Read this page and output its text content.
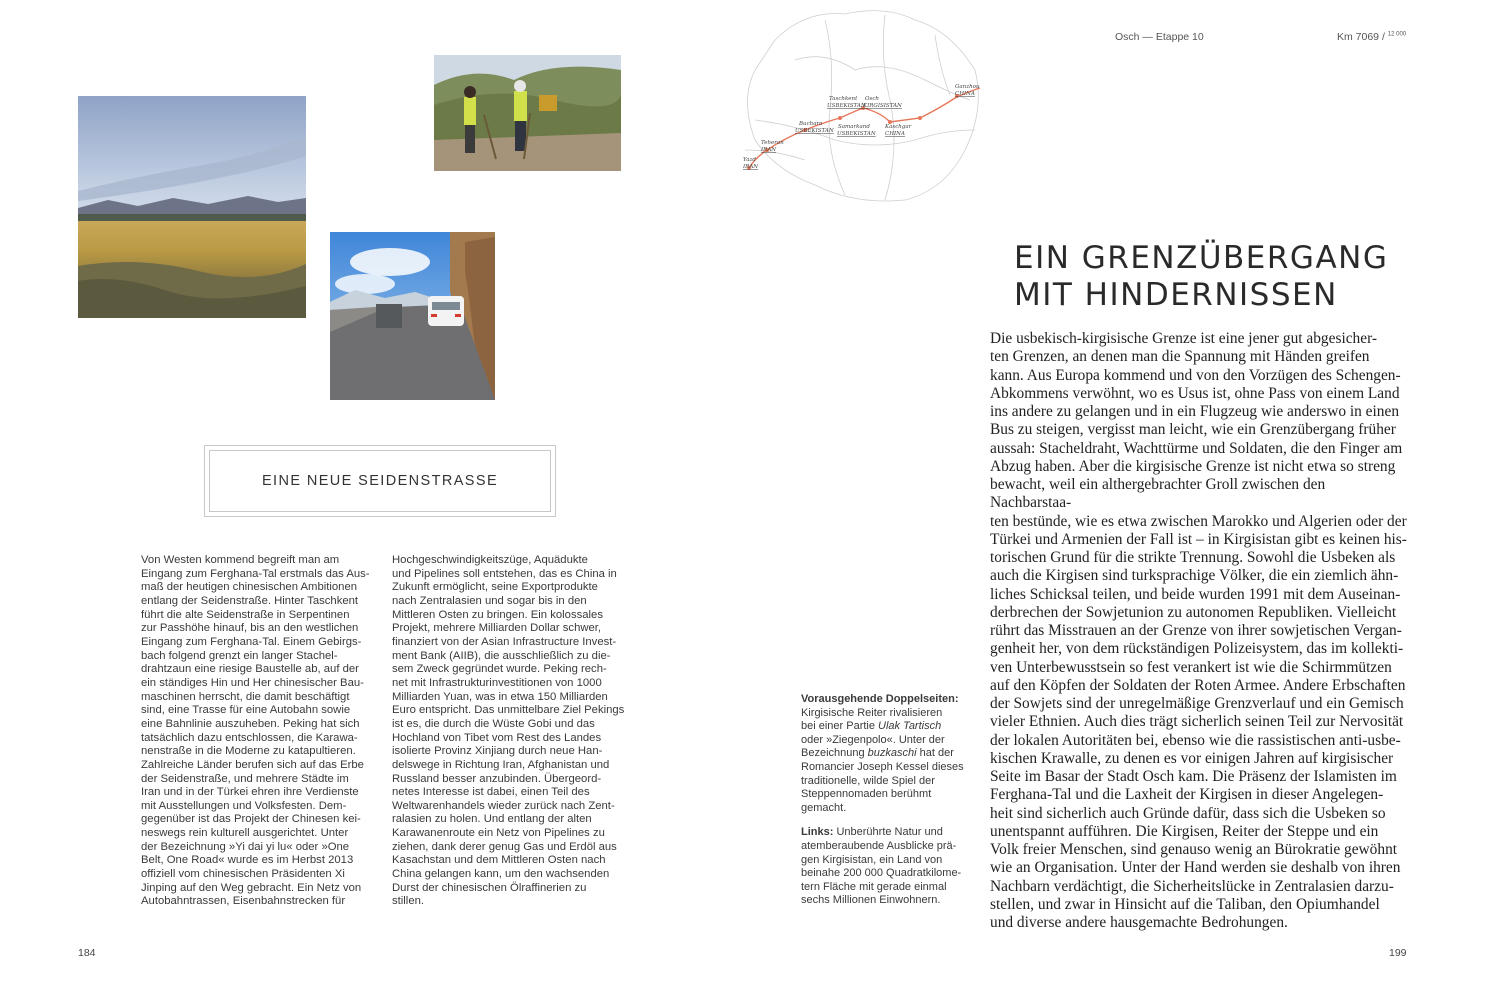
EINE NEUE SEIDENSTRASSE
Von Westen kommend begreift man am
Eingang zum Ferghana-Tal erstmals das Aus-
maß der heutigen chinesischen Ambitionen
entlang der Seidenstraße. Hinter Taschkent
führt die alte Seidenstraße in Serpentinen
zur Passhöhe hinauf, bis an den westlichen
Eingang zum Ferghana-Tal. Einem Gebirgs-
bach folgend grenzt ein langer Stachel-
drahtzaun eine riesige Baustelle ab, auf der
ein ständiges Hin und Her chinesischer Bau-
maschinen herrscht, die damit beschäftigt
sind, eine Trasse für eine Autobahn sowie
eine Bahnlinie auszuheben. Peking hat sich
tatsächlich dazu entschlossen, die Karawa-
nenstraße in die Moderne zu katapultieren.
Zahlreiche Länder berufen sich auf das Erbe
der Seidenstraße, und mehrere Städte im
Iran und in der Türkei ehren ihre Verdienste
mit Ausstellungen und Volksfesten. Dem-
gegenüber ist das Projekt der Chinesen kei-
neswegs rein kulturell ausgerichtet. Unter
der Bezeichnung »Yi dai yi lu« oder »One
Belt, One Road« wurde es im Herbst 2013
offiziell vom chinesischen Präsidenten Xi
Jinping auf den Weg gebracht. Ein Netz von
Autobahntrassen, Eisenbahnstrecken für
Hochgeschwindigkeitszüge, Aquädukte
und Pipelines soll entstehen, das es China in
Zukunft ermöglicht, seine Exportprodukte
nach Zentralasien und sogar bis in den
Mittleren Osten zu bringen. Ein kolossales
Projekt, mehrere Milliarden Dollar schwer,
finanziert von der Asian Infrastructure Invest-
ment Bank (AIIB), die ausschließlich zu die-
sem Zweck gegründet wurde. Peking rech-
net mit Infrastrukturinvestitionen von 1000
Milliarden Yuan, was in etwa 150 Milliarden
Euro entspricht. Das unmittelbare Ziel Pekings
ist es, die durch die Wüste Gobi und das
Hochland von Tibet vom Rest des Landes
isolierte Provinz Xinjiang durch neue Han-
delswege in Richtung Iran, Afghanistan und
Russland besser anzubinden. Übergeord-
netes Interesse ist dabei, einen Teil des
Weltwarenhandels wieder zurück nach Zent-
ralasien zu holen. Und entlang der alten
Karawanenroute ein Netz von Pipelines zu
ziehen, dank derer genug Gas und Erdöl aus
Kasachstan und dem Mittleren Osten nach
China gelangen kann, um den wachsenden
Durst der chinesischen Ölraffinerien zu
stillen.
184
Yazd
IRAN
Teheran
IRAN
Buchara
USBEKISTAN
Taschkent
USBEKISTAN
Samarkand
USBEKISTAN
Osch
KIRGISISTAN
Kaschgar
CHINA
Ganzhou
CHINA
Osch — Etappe 10	Km 7069 / $^{12 000}$
EIN GRENZÜBERGANG
MIT HINDERNISSEN

Vorausgehende Doppelseiten:
Kirgisische Reiter rivalisieren
bei einer Partie Ulak Tartisch
oder »Ziegenpolo«. Unter der
Bezeichnung buzkaschi hat der
Romancier Joseph Kessel dieses
traditionelle, wilde Spiel der
Steppennomaden berühmt
gemacht.

Links: Unberührte Natur und
atemberaubende Ausblicke prä-
gen Kirgisistan, ein Land von
beinahe 200 000 Quadratkilome-
tern Fläche mit gerade einmal
sechs Millionen Einwohnern.

Die usbekisch-kirgisische Grenze ist eine jener gut abgesicher-
ten Grenzen, an denen man die Spannung mit Händen greifen
kann. Aus Europa kommend und von den Vorzügen des Schengen-
Abkommens verwöhnt, wo es Usus ist, ohne Pass von einem Land
ins andere zu gelangen und in ein Flugzeug wie anderswo in einen
Bus zu steigen, vergisst man leicht, wie ein Grenzübergang früher
aussah: Stacheldraht, Wachttürme und Soldaten, die den Finger am
Abzug haben. Aber die kirgisische Grenze ist nicht etwa so streng
bewacht, weil ein althergebrachter Groll zwischen den Nachbarstaa-
ten bestünde, wie es etwa zwischen Marokko und Algerien oder der
Türkei und Armenien der Fall ist – in Kirgisistan gibt es keinen his-
torischen Grund für die strikte Trennung. Sowohl die Usbeken als
auch die Kirgisen sind turksprachige Völker, die ein ziemlich ähn-
liches Schicksal teilen, und beide wurden 1991 mit dem Auseinan-
derbrechen der Sowjetunion zu autonomen Republiken. Vielleicht
rührt das Misstrauen an der Grenze von ihrer sowjetischen Vergan-
genheit her, von dem rückständigen Polizeisystem, das im kollekti-
ven Unterbewusstsein so fest verankert ist wie die Schirmmützen
auf den Köpfen der Soldaten der Roten Armee. Andere Erbschaften
der Sowjets sind der unregelmäßige Grenzverlauf und ein Gemisch
vieler Ethnien. Auch dies trägt sicherlich seinen Teil zur Nervosität
der lokalen Autoritäten bei, ebenso wie die rassistischen anti-usbe-
kischen Krawalle, zu denen es vor einigen Jahren auf kirgisischer
Seite im Basar der Stadt Osch kam. Die Präsenz der Islamisten im
Ferghana-Tal und die Laxheit der Kirgisen in dieser Angelegen-
heit sind sicherlich auch Gründe dafür, dass sich die Usbeken so
unentspannt aufführen. Die Kirgisen, Reiter der Steppe und ein
Volk freier Menschen, sind genauso wenig an Bürokratie gewöhnt
wie an Organisation. Unter der Hand werden sie deshalb von ihren
Nachbarn verdächtigt, die Sicherheitslücke in Zentralasien darzu-
stellen, und zwar in Hinsicht auf die Taliban, den Opiumhandel
und diverse andere hausgemachte Bedrohungen.
199
